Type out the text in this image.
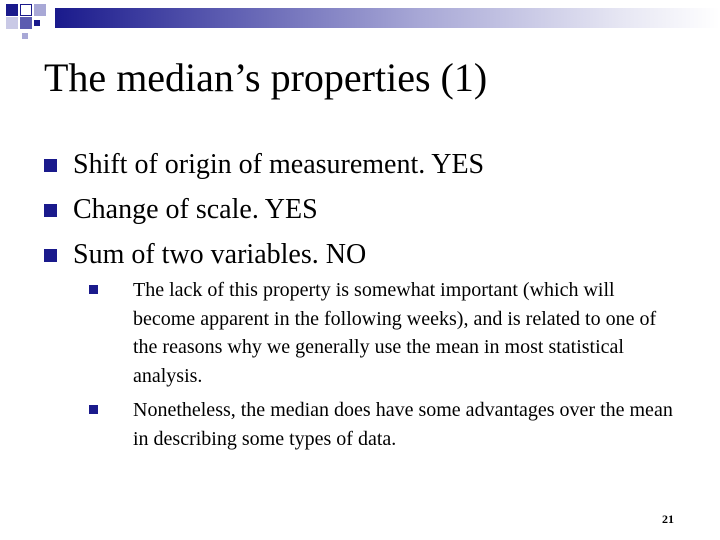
The median’s properties (1)
Shift of origin of measurement. YES
Change of scale. YES
Sum of two variables. NO
The lack of this property is somewhat important (which will become apparent in the following weeks), and is related to one of the reasons why we generally use the mean in most statistical analysis.
Nonetheless, the median does have some advantages over the mean in describing some types of data.
21
